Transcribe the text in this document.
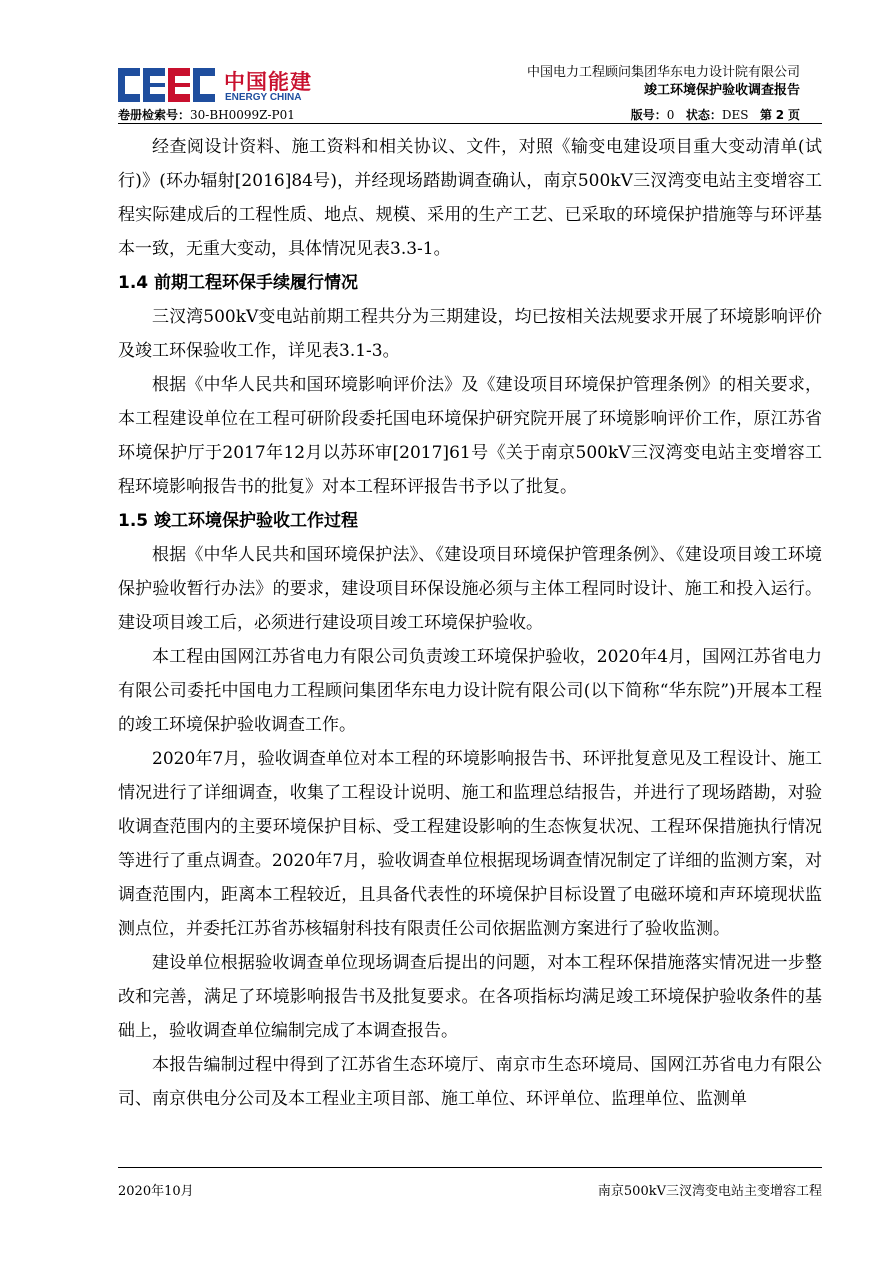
中国能建
ENERGY CHINA
中国电力工程顾问集团华东电力设计院有限公司
竣工环境保护验收调查报告
卷册检索号：30-BH0099Z-P01	版号：0 状态：DES 第 2 页

经查阅设计资料、施工资料和相关协议、文件，对照《输变电建设项目重大变动清单(试行)》(环办辐射[2016]84号)，并经现场踏勘调查确认，南京500kV三汊湾变电站主变增容工程实际建成后的工程性质、地点、规模、采用的生产工艺、已采取的环境保护措施等与环评基本一致，无重大变动，具体情况见表3.3-1。

1.4 前期工程环保手续履行情况

三汊湾500kV变电站前期工程共分为三期建设，均已按相关法规要求开展了环境影响评价及竣工环保验收工作，详见表3.1-3。

根据《中华人民共和国环境影响评价法》及《建设项目环境保护管理条例》的相关要求，本工程建设单位在工程可研阶段委托国电环境保护研究院开展了环境影响评价工作，原江苏省环境保护厅于2017年12月以苏环审[2017]61号《关于南京500kV三汊湾变电站主变增容工程环境影响报告书的批复》对本工程环评报告书予以了批复。

1.5 竣工环境保护验收工作过程

根据《中华人民共和国环境保护法》、《建设项目环境保护管理条例》、《建设项目竣工环境保护验收暂行办法》的要求，建设项目环保设施必须与主体工程同时设计、施工和投入运行。建设项目竣工后，必须进行建设项目竣工环境保护验收。

本工程由国网江苏省电力有限公司负责竣工环境保护验收，2020年4月，国网江苏省电力有限公司委托中国电力工程顾问集团华东电力设计院有限公司(以下简称“华东院”)开展本工程的竣工环境保护验收调查工作。

2020年7月，验收调查单位对本工程的环境影响报告书、环评批复意见及工程设计、施工情况进行了详细调查，收集了工程设计说明、施工和监理总结报告，并进行了现场踏勘，对验收调查范围内的主要环境保护目标、受工程建设影响的生态恢复状况、工程环保措施执行情况等进行了重点调查。2020年7月，验收调查单位根据现场调查情况制定了详细的监测方案，对调查范围内，距离本工程较近，且具备代表性的环境保护目标设置了电磁环境和声环境现状监测点位，并委托江苏省苏核辐射科技有限责任公司依据监测方案进行了验收监测。

建设单位根据验收调查单位现场调查后提出的问题，对本工程环保措施落实情况进一步整改和完善，满足了环境影响报告书及批复要求。在各项指标均满足竣工环境保护验收条件的基础上，验收调查单位编制完成了本调查报告。

本报告编制过程中得到了江苏省生态环境厅、南京市生态环境局、国网江苏省电力有限公司、南京供电分公司及本工程业主项目部、施工单位、环评单位、监理单位、监测单

2020年10月	南京500kV三汊湾变电站主变增容工程
